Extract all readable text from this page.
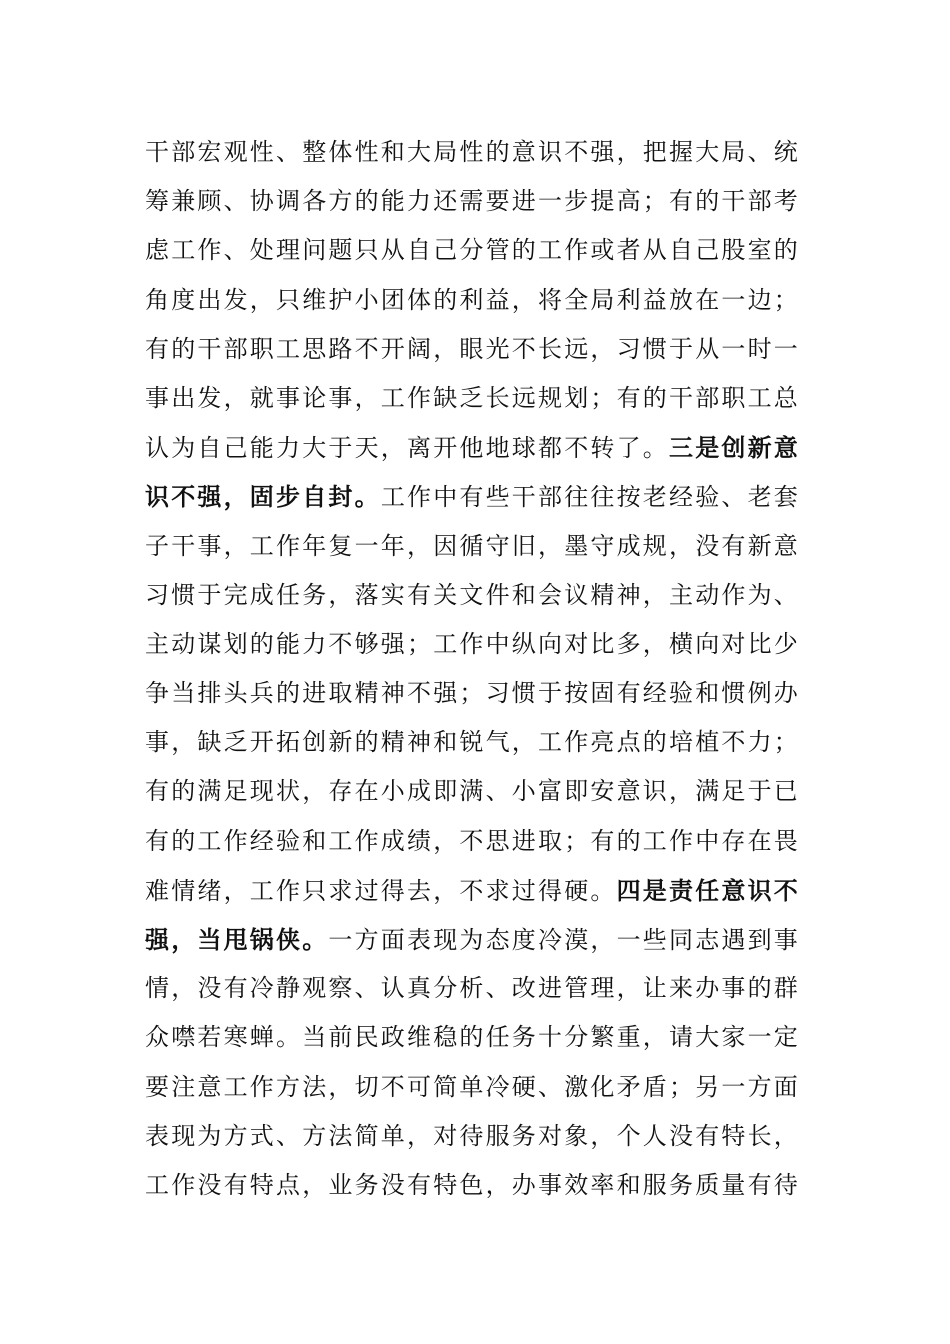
干部宏观性、整体性和大局性的意识不强，把握大局、统
筹兼顾、协调各方的能力还需要进一步提高；有的干部考
虑工作、处理问题只从自己分管的工作或者从自己股室的
角度出发，只维护小团体的利益，将全局利益放在一边；
有的干部职工思路不开阔，眼光不长远，习惯于从一时一
事出发，就事论事，工作缺乏长远规划；有的干部职工总
认为自己能力大于天，离开他地球都不转了。三是创新意
识不强，固步自封。工作中有些干部往往按老经验、老套
子干事，工作年复一年，因循守旧，墨守成规，没有新意
习惯于完成任务，落实有关文件和会议精神，主动作为、
主动谋划的能力不够强；工作中纵向对比多，横向对比少
争当排头兵的进取精神不强；习惯于按固有经验和惯例办
事，缺乏开拓创新的精神和锐气，工作亮点的培植不力；
有的满足现状，存在小成即满、小富即安意识，满足于已
有的工作经验和工作成绩，不思进取；有的工作中存在畏
难情绪，工作只求过得去，不求过得硬。四是责任意识不
强，当甩锅侠。一方面表现为态度冷漠，一些同志遇到事
情，没有冷静观察、认真分析、改进管理，让来办事的群
众噤若寒蝉。当前民政维稳的任务十分繁重，请大家一定
要注意工作方法，切不可简单冷硬、激化矛盾；另一方面
表现为方式、方法简单，对待服务对象，个人没有特长，
工作没有特点，业务没有特色，办事效率和服务质量有待
